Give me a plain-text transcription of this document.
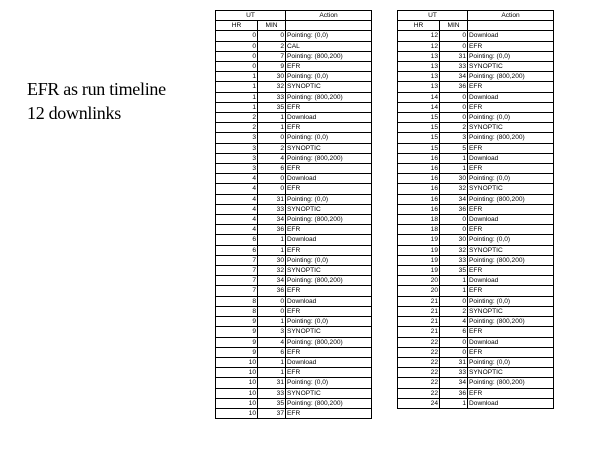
EFR as run timeline
12 downlinks
UT		Action
HR	MIN	
0	0	Pointing: (0,0)
0	2	CAL
0	7	Pointing: (800,200)
0	9	EFR
1	30	Pointing: (0,0)
1	32	SYNOPTIC
1	33	Pointing: (800,200)
1	35	EFR
2	1	Download
2	1	EFR
3	0	Pointing: (0,0)
3	2	SYNOPTIC
3	4	Pointing: (800,200)
3	6	EFR
4	0	Download
4	0	EFR
4	31	Pointing: (0,0)
4	33	SYNOPTIC
4	34	Pointing: (800,200)
4	36	EFR
6	1	Download
6	1	EFR
7	30	Pointing: (0,0)
7	32	SYNOPTIC
7	34	Pointing: (800,200)
7	36	EFR
8	0	Download
8	0	EFR
9	1	Pointing: (0,0)
9	3	SYNOPTIC
9	4	Pointing: (800,200)
9	6	EFR
10	1	Download
10	1	EFR
10	31	Pointing: (0,0)
10	33	SYNOPTIC
10	35	Pointing: (800,200)
10	37	EFR
UT		Action
HR	MIN	
12	0	Download
12	0	EFR
13	31	Pointing: (0,0)
13	33	SYNOPTIC
13	34	Pointing: (800,200)
13	36	EFR
14	0	Download
14	0	EFR
15	0	Pointing: (0,0)
15	2	SYNOPTIC
15	3	Pointing: (800,200)
15	5	EFR
16	1	Download
16	1	EFR
16	30	Pointing: (0,0)
16	32	SYNOPTIC
16	34	Pointing: (800,200)
16	36	EFR
18	0	Download
18	0	EFR
19	30	Pointing: (0,0)
19	32	SYNOPTIC
19	33	Pointing: (800,200)
19	35	EFR
20	1	Download
20	1	EFR
21	0	Pointing: (0,0)
21	2	SYNOPTIC
21	4	Pointing: (800,200)
21	6	EFR
22	0	Download
22	0	EFR
22	31	Pointing: (0,0)
22	33	SYNOPTIC
22	34	Pointing: (800,200)
22	36	EFR
24	1	Download
